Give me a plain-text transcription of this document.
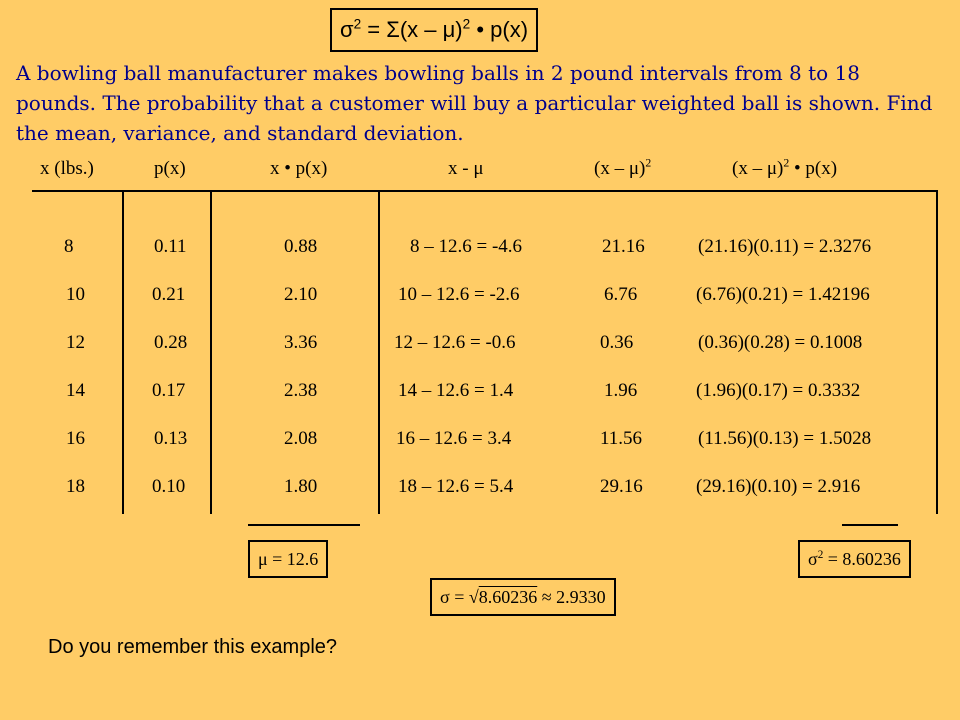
$\sigma^2 = \Sigma(x - \mu)^2$ • p(x)
A bowling ball manufacturer makes bowling balls in 2 pound intervals from 8 to 18 pounds. The probability that a customer will buy a particular weighted ball is shown. Find the mean, variance, and standard deviation.
x (lbs.)	p(x)	x • p(x)	x - μ	(x – μ)$^2$	(x – μ)$^2$ • p(x)
8	0.11	0.88	8 – 12.6 = -4.6	21.16	(21.16)(0.11) = 2.3276
10	0.21	2.10	10 – 12.6 = -2.6	6.76	(6.76)(0.21) = 1.42196
12	0.28	3.36	12 – 12.6 = -0.6	0.36	(0.36)(0.28) = 0.1008
14	0.17	2.38	14 – 12.6 = 1.4	1.96	(1.96)(0.17) = 0.3332
16	0.13	2.08	16 – 12.6 = 3.4	11.56	(11.56)(0.13) = 1.5028
18	0.10	1.80	18 – 12.6 = 5.4	29.16	(29.16)(0.10) = 2.916
μ = 12.6	$\sigma^2 = 8.60236$
σ = √8.60236 ≈ 2.9330
Do you remember this example?
